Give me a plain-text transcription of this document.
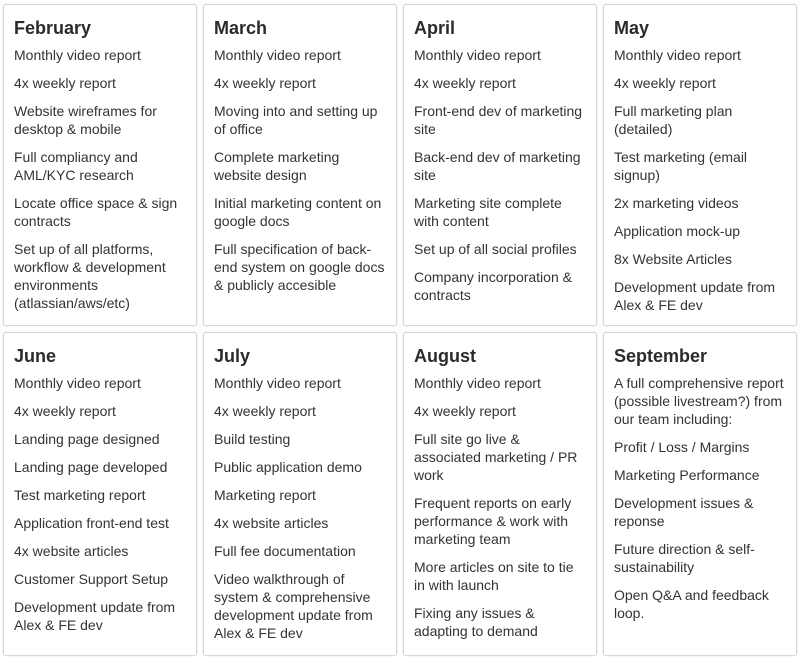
February
Monthly video report
4x weekly report
Website wireframes for desktop & mobile
Full compliancy and AML/KYC research
Locate office space & sign contracts
Set up of all platforms, workflow & development environments (atlassian/aws/etc)
March
Monthly video report
4x weekly report
Moving into and setting up of office
Complete marketing website design
Initial marketing content on google docs
Full specification of back-end system on google docs & publicly accesible
April
Monthly video report
4x weekly report
Front-end dev of marketing site
Back-end dev of marketing site
Marketing site complete with content
Set up of all social profiles
Company incorporation & contracts
May
Monthly video report
4x weekly report
Full marketing plan (detailed)
Test marketing (email signup)
2x marketing videos
Application mock-up
8x Website Articles
Development update from Alex & FE dev
June
Monthly video report
4x weekly report
Landing page designed
Landing page developed
Test marketing report
Application front-end test
4x website articles
Customer Support Setup
Development update from Alex & FE dev
July
Monthly video report
4x weekly report
Build testing
Public application demo
Marketing report
4x website articles
Full fee documentation
Video walkthrough of system & comprehensive development update from Alex & FE dev
August
Monthly video report
4x weekly report
Full site go live & associated marketing / PR work
Frequent reports on early performance & work with marketing team
More articles on site to tie in with launch
Fixing any issues & adapting to demand
September
A full comprehensive report (possible livestream?) from our team including:
Profit / Loss / Margins
Marketing Performance
Development issues & reponse
Future direction & self-sustainability
Open Q&A and feedback loop.
